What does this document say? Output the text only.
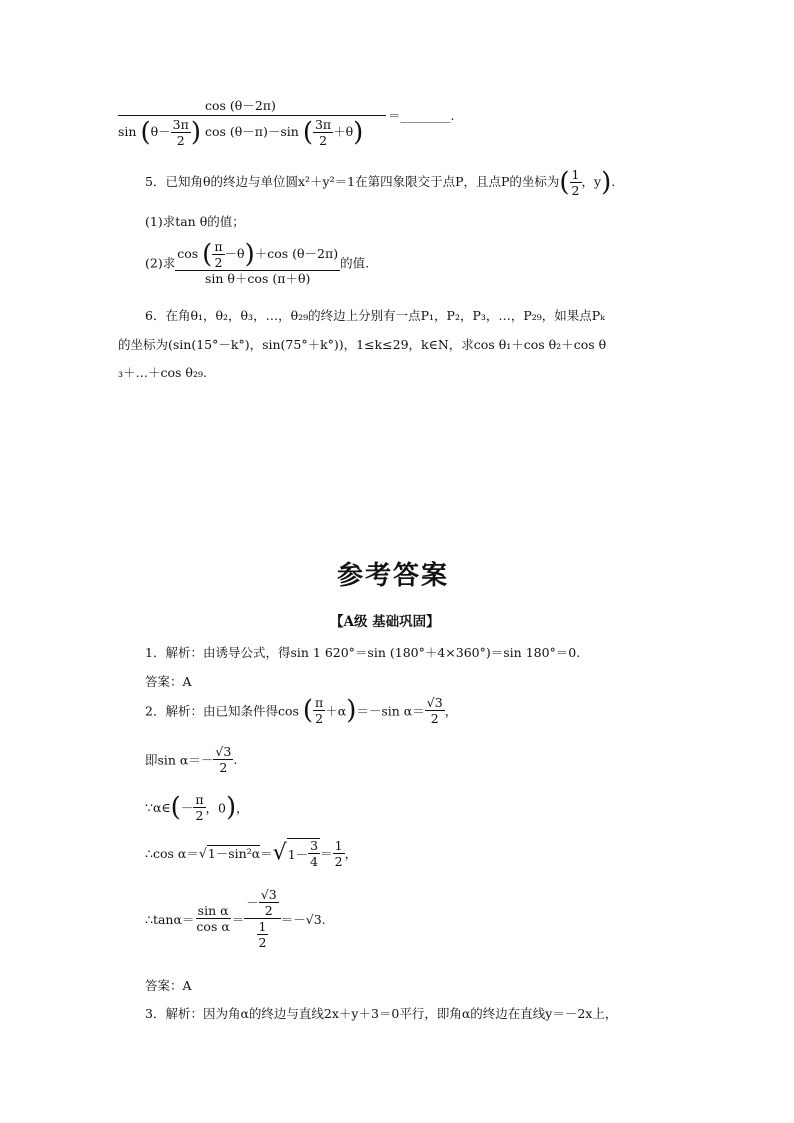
cos (θ－2π)
$\sin (\theta- \frac{3\pi}{2}$ ) cos (θ－π)－sin ( $\frac{3\pi}{2} +\theta$)
＝________.
5．已知角θ的终边与单位圆x²＋y²＝1在第四象限交于点P，且点P的坐标为( $\frac{1}{2}$ ，y).
(1)求tan θ的值；
(2)求 $\frac{\cos ( \frac{\pi}{2} -\theta)+\cos (\theta-2\pi)}{\text{sin θ＋cos (π＋θ)}}$ 的值.
6．在角θ₁，θ₂，θ₃，…，θ₂₉的终边上分别有一点P₁，P₂，P₃，…，P₂₉，如果点Pₖ
的坐标为(sin(15°－k°)，sin(75°＋k°))，1≤k≤29，k∈N，求cos θ₁＋cos θ₂＋cos θ
₃＋…＋cos θ₂₉.
参考答案
【A级 基础巩固】
1．解析：由诱导公式，得sin 1 620°＝sin (180°＋4×360°)＝sin 180°＝0.
答案：A
2．解析：由已知条件得cos ( $\frac{\pi}{2} +\alpha)=-\sin$ $\alpha= \frac{√3}{2}$ ，
即$\sin \alpha=- \frac{√3}{2}$ .
∵α∈(－ $\frac{\pi}{2}$ ，0)，
∴cos α＝√1－sin²α＝√ $1- \frac{3}{4} = \frac{1}{2}$ ，
∴tanα＝ $\frac{\text{sin α}}{\text{cos α}} = \frac{- \frac{√3}{2}}{\frac{1}{2}} =-√3$.
答案：A
3．解析：因为角α的终边与直线2x＋y＋3＝0平行，即角α的终边在直线y＝－2x上，
